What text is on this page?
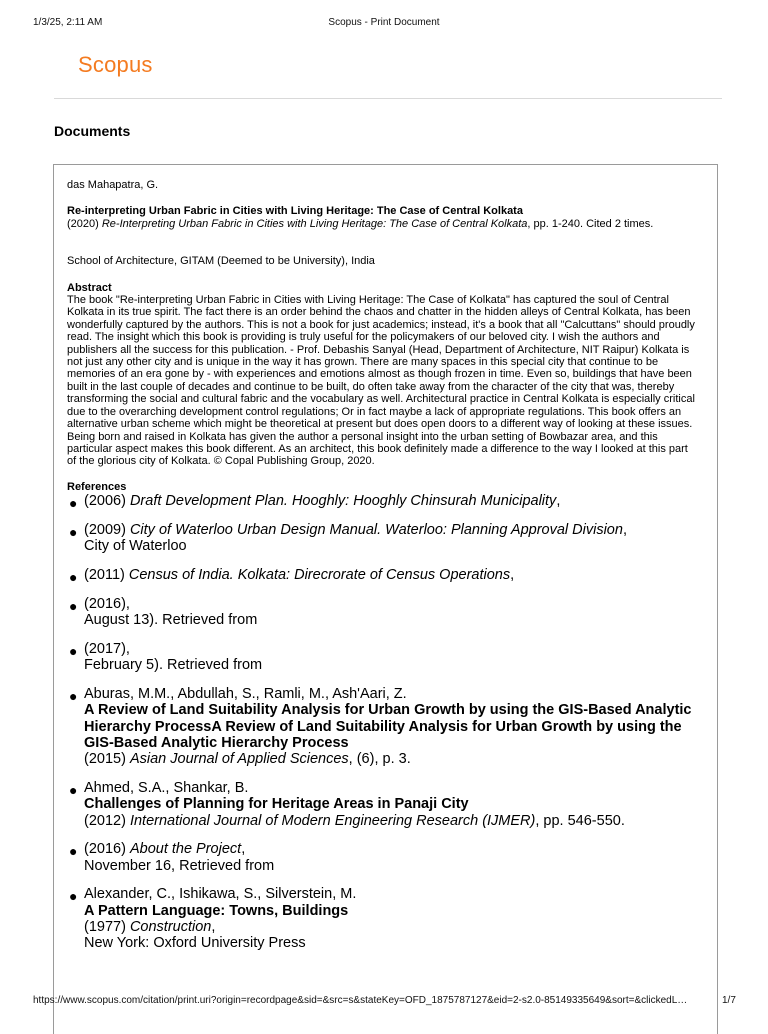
1/3/25, 2:11 AM	Scopus - Print Document
Scopus
Documents

das Mahapatra, G.

Re-interpreting Urban Fabric in Cities with Living Heritage: The Case of Central Kolkata

(2020) Re-Interpreting Urban Fabric in Cities with Living Heritage: The Case of Central Kolkata, pp. 1-240. Cited 2 times.

School of Architecture, GITAM (Deemed to be University), India

Abstract

The book "Re-interpreting Urban Fabric in Cities with Living Heritage: The Case of Kolkata" has captured the soul of Central Kolkata in its true spirit. The fact there is an order behind the chaos and chatter in the hidden alleys of Central Kolkata, has been wonderfully captured by the authors. This is not a book for just academics; instead, it's a book that all "Calcuttans" should proudly read. The insight which this book is providing is truly useful for the policymakers of our beloved city. I wish the authors and publishers all the success for this publication. - Prof. Debashis Sanyal (Head, Department of Architecture, NIT Raipur) Kolkata is not just any other city and is unique in the way it has grown. There are many spaces in this special city that continue to be memories of an era gone by - with experiences and emotions almost as though frozen in time. Even so, buildings that have been built in the last couple of decades and continue to be built, do often take away from the character of the city that was, thereby transforming the social and cultural fabric and the vocabulary as well. Architectural practice in Central Kolkata is especially critical due to the overarching development control regulations; Or in fact maybe a lack of appropriate regulations. This book offers an alternative urban scheme which might be theoretical at present but does open doors to a different way of looking at these issues. Being born and raised in Kolkata has given the author a personal insight into the urban setting of Bowbazar area, and this particular aspect makes this book different. As an architect, this book definitely made a difference to the way I looked at this part of the glorious city of Kolkata. © Copal Publishing Group, 2020.

References

● (2006) Draft Development Plan. Hooghly: Hooghly Chinsurah Municipality,
● (2009) City of Waterloo Urban Design Manual. Waterloo: Planning Approval Division,
City of Waterloo
● (2011) Census of India. Kolkata: Direcrorate of Census Operations,
● (2016),
August 13). Retrieved from
● (2017),
February 5). Retrieved from
● Aburas, M.M., Abdullah, S., Ramli, M., Ash'Aari, Z.
A Review of Land Suitability Analysis for Urban Growth by using the GIS-Based Analytic Hierarchy ProcessA Review of Land Suitability Analysis for Urban Growth by using the GIS-Based Analytic Hierarchy Process
(2015) Asian Journal of Applied Sciences, (6), p. 3.
● Ahmed, S.A., Shankar, B.
Challenges of Planning for Heritage Areas in Panaji City
(2012) International Journal of Modern Engineering Research (IJMER), pp. 546-550.
● (2016) About the Project,
November 16, Retrieved from
● Alexander, C., Ishikawa, S., Silverstein, M.
A Pattern Language: Towns, Buildings
(1977) Construction,
New York: Oxford University Press
https://www.scopus.com/citation/print.uri?origin=recordpage&sid=&src=s&stateKey=OFD_1875787127&eid=2-s2.0-85149335649&sort=&clickedL…	1/7
